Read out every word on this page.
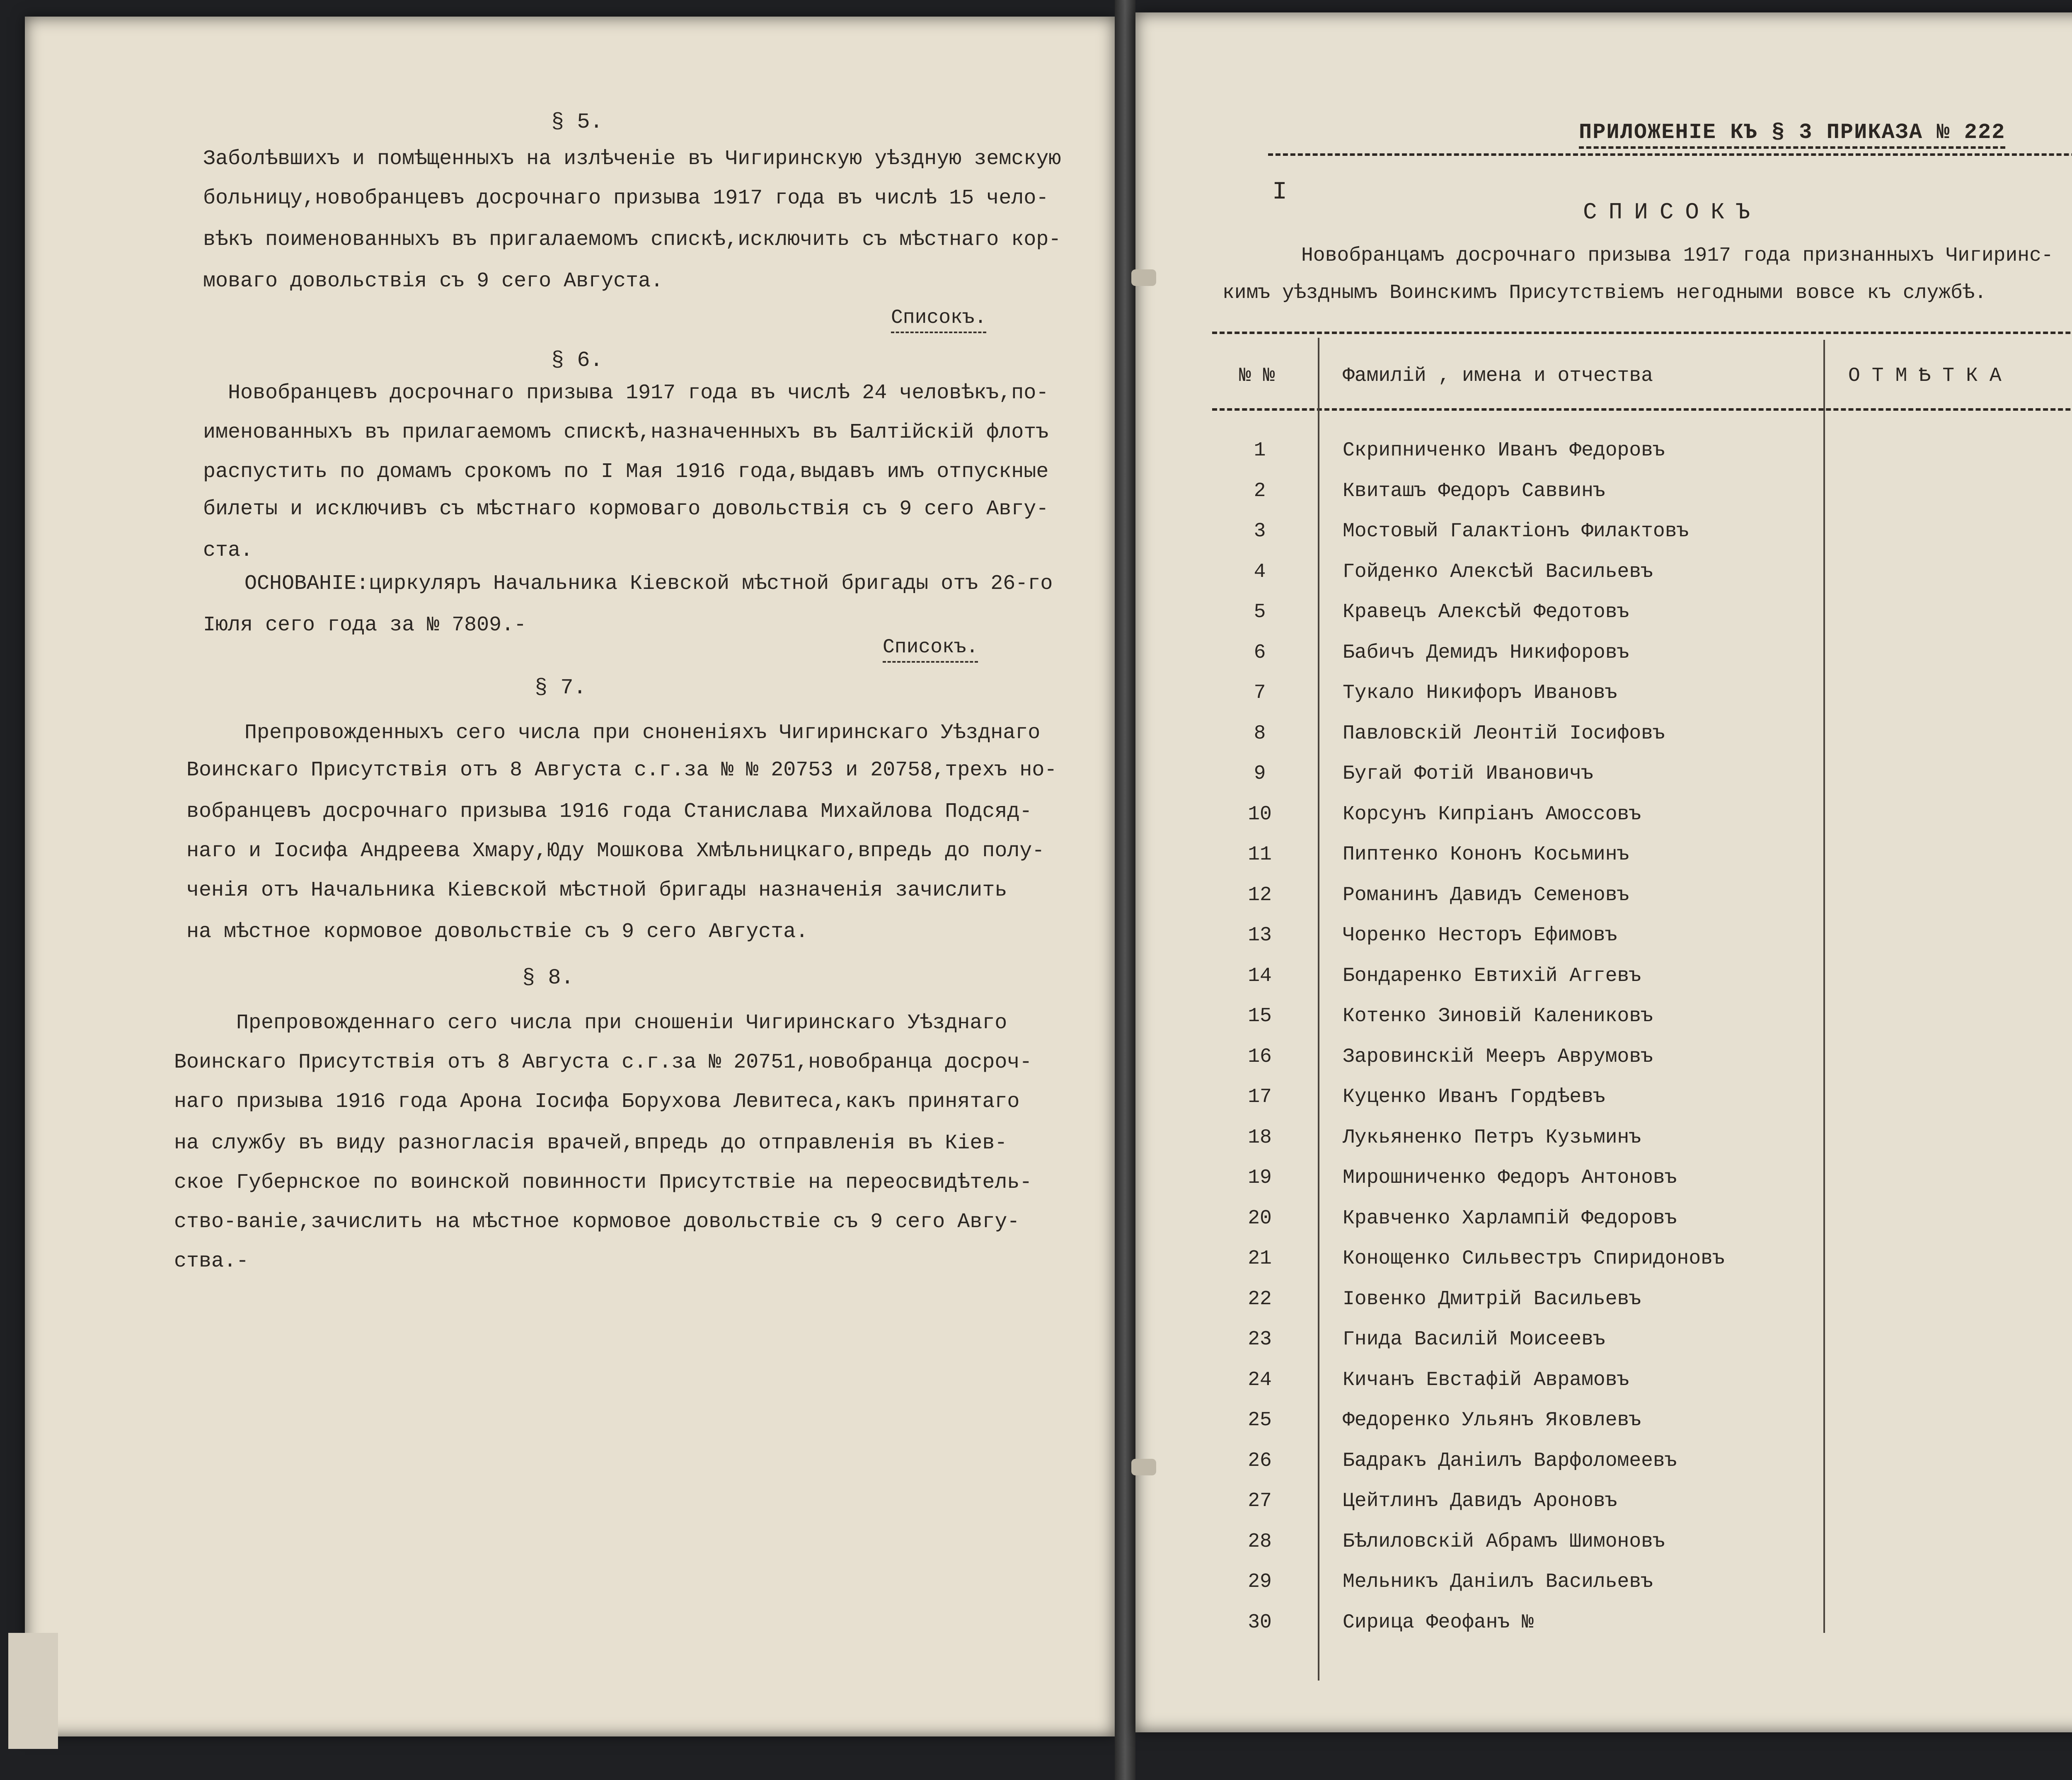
§ 5.
Заболѣвшихъ и помѣщенныхъ на излѣченіе въ Чигиринскую уѣздную земскую
больницу,новобранцевъ досрочнаго призыва 1917 года въ числѣ 15 чело-
вѣкъ поименованныхъ въ пригалаемомъ спискѣ,исключить съ мѣстнаго кор-
моваго довольствія съ 9 сего Августа.
Списокъ.
§ 6.
Новобранцевъ досрочнаго призыва 1917 года въ числѣ 24 человѣкъ,по-
именованныхъ въ прилагаемомъ спискѣ,назначенныхъ въ Балтійскій флотъ
распустить по домамъ срокомъ по I Мая 1916 года,выдавъ имъ отпускные
билеты и исключивъ съ мѣстнаго кормоваго довольствія съ 9 сего Авгу-
ста.
ОСНОВАНІЕ:циркуляръ Начальника Кіевской мѣстной бригады отъ 26-го
Іюля сего года за № 7809.-
Списокъ.
§ 7.
Препровожденныхъ сего числа при сноненіяхъ Чигиринскаго Уѣзднаго
Воинскаго Присутствія отъ 8 Августа с.г.за № № 20753 и 20758,трехъ но-
вобранцевъ досрочнаго призыва 1916 года Станислава Михайлова Подсяд-
наго и Іосифа Андреева Хмару,Юду Мошкова Хмѣльницкаго,впредь до полу-
ченія отъ Начальника Кіевской мѣстной бригады назначенія зачислить
на мѣстное кормовое довольствіе съ 9 сего Августа.
§ 8.
Препровожденнаго сего числа при сношеніи Чигиринскаго Уѣзднаго
Воинскаго Присутствія отъ 8 Августа с.г.за № 20751,новобранца досроч-
наго призыва 1916 года Арона Іосифа Борухова Левитеса,какъ принятаго
на службу въ виду разногласія врачей,впредь до отправленія въ Кіев-
ское Губернское по воинской повинности Присутствіе на переосвидѣтель-
ство-ваніе,зачислить на мѣстное кормовое довольствіе съ 9 сего Авгу-
ства.-
ПРИЛОЖЕНІЕ КЪ § 3 ПРИКАЗА № 222
I
СПИСОКЪ
Новобранцамъ досрочнаго призыва 1917 года признанныхъ Чигиринс-
кимъ уѣзднымъ Воинскимъ Присутствіемъ негодными вовсе къ службѣ.
№ №	Фамилій , имена и отчества	ОТМѢТКА
1	Скрипниченко Иванъ Федоровъ
2	Квиташъ Федоръ Саввинъ
3	Мостовый Галактіонъ Филактовъ
4	Гойденко Алексѣй Васильевъ
5	Кравецъ Алексѣй Федотовъ
6	Бабичъ Демидъ Никифоровъ
7	Тукало Никифоръ Ивановъ
8	Павловскій Леонтій Іосифовъ
9	Бугай Фотій Ивановичъ
10	Корсунъ Кипріанъ Амоссовъ
11	Пиптенко Кононъ Косьминъ
12	Романинъ Давидъ Семеновъ
13	Чоренко Несторъ Ефимовъ
14	Бондаренко Евтихій Аггевъ
15	Котенко Зиновій Калениковъ
16	Заровинскій Мееръ Аврумовъ
17	Куценко Иванъ Гордѣевъ
18	Лукьяненко Петръ Кузьминъ
19	Мирошниченко Федоръ Антоновъ
20	Кравченко Харлампій Федоровъ
21	Конощенко Сильвестръ Спиридоновъ
22	Іовенко Дмитрій Васильевъ
23	Гнида Василій Моисеевъ
24	Кичанъ Евстафій Аврамовъ
25	Федоренко Ульянъ Яковлевъ
26	Бадракъ Даніилъ Варфоломеевъ
27	Цейтлинъ Давидъ Ароновъ
28	Бѣлиловскій Абрамъ Шимоновъ
29	Мельникъ Даніилъ Васильевъ
30	Сирица Феофанъ №
